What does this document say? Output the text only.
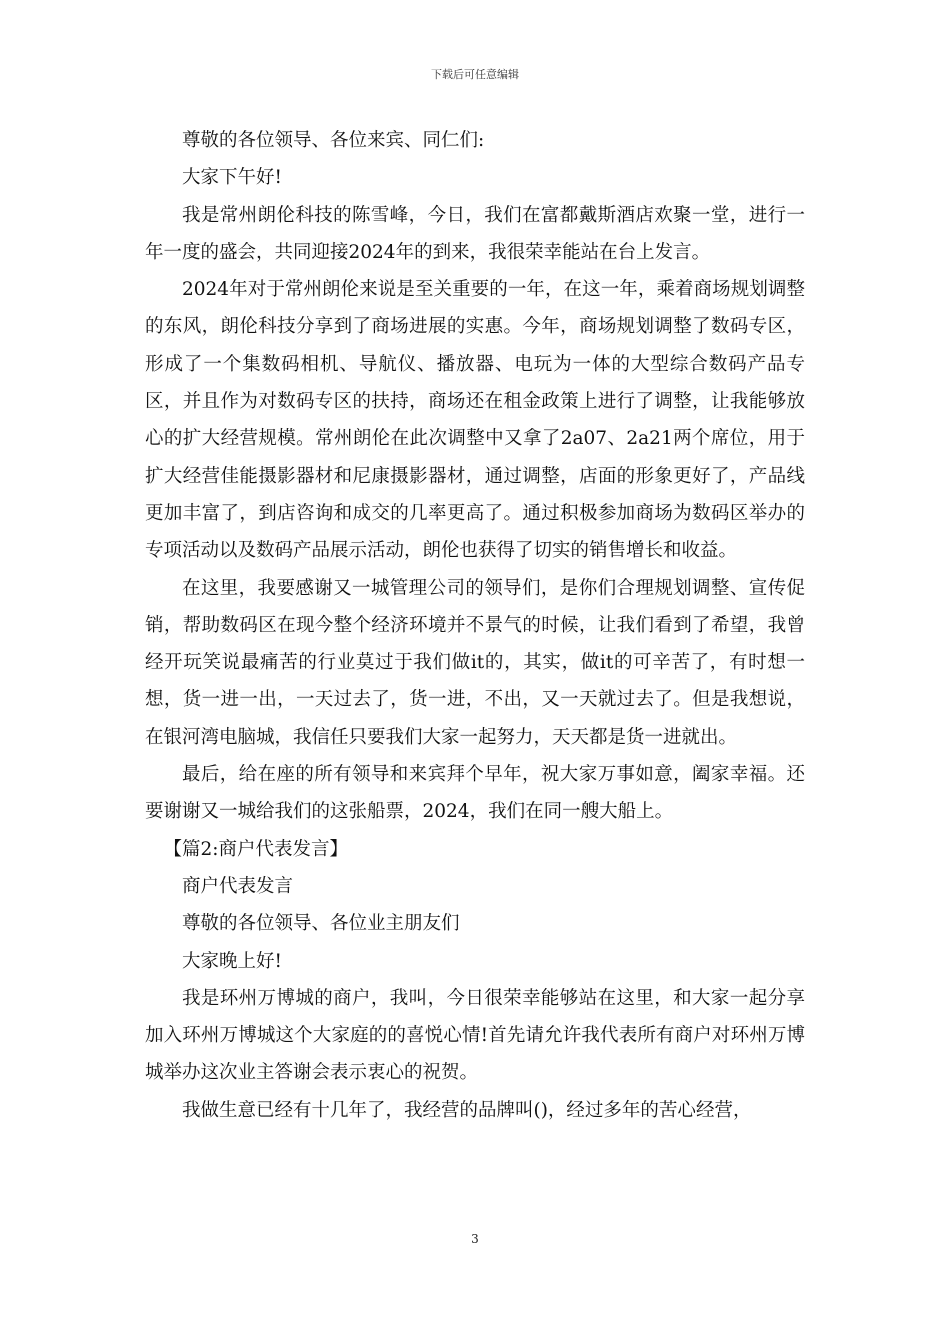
下载后可任意编辑

尊敬的各位领导、各位来宾、同仁们:

大家下午好!

我是常州朗伦科技的陈雪峰，今日，我们在富都戴斯酒店欢聚一堂，进行一年一度的盛会，共同迎接2024年的到来，我很荣幸能站在台上发言。

2024年对于常州朗伦来说是至关重要的一年，在这一年，乘着商场规划调整的东风，朗伦科技分享到了商场进展的实惠。今年，商场规划调整了数码专区，形成了一个集数码相机、导航仪、播放器、电玩为一体的大型综合数码产品专区，并且作为对数码专区的扶持，商场还在租金政策上进行了调整，让我能够放心的扩大经营规模。常州朗伦在此次调整中又拿了2a07、2a21两个席位，用于扩大经营佳能摄影器材和尼康摄影器材，通过调整，店面的形象更好了，产品线更加丰富了，到店咨询和成交的几率更高了。通过积极参加商场为数码区举办的专项活动以及数码产品展示活动，朗伦也获得了切实的销售增长和收益。

在这里，我要感谢又一城管理公司的领导们，是你们合理规划调整、宣传促销，帮助数码区在现今整个经济环境并不景气的时候，让我们看到了希望，我曾经开玩笑说最痛苦的行业莫过于我们做it的，其实，做it的可辛苦了，有时想一想，货一进一出，一天过去了，货一进，不出，又一天就过去了。但是我想说，在银河湾电脑城，我信任只要我们大家一起努力，天天都是货一进就出。

最后，给在座的所有领导和来宾拜个早年，祝大家万事如意，阖家幸福。还要谢谢又一城给我们的这张船票，2024，我们在同一艘大船上。

【篇2:商户代表发言】

商户代表发言

尊敬的各位领导、各位业主朋友们

大家晚上好!

我是环州万博城的商户，我叫，今日很荣幸能够站在这里，和大家一起分享加入环州万博城这个大家庭的的喜悦心情!首先请允许我代表所有商户对环州万博城举办这次业主答谢会表示衷心的祝贺。

我做生意已经有十几年了，我经营的品牌叫()，经过多年的苦心经营，

3
